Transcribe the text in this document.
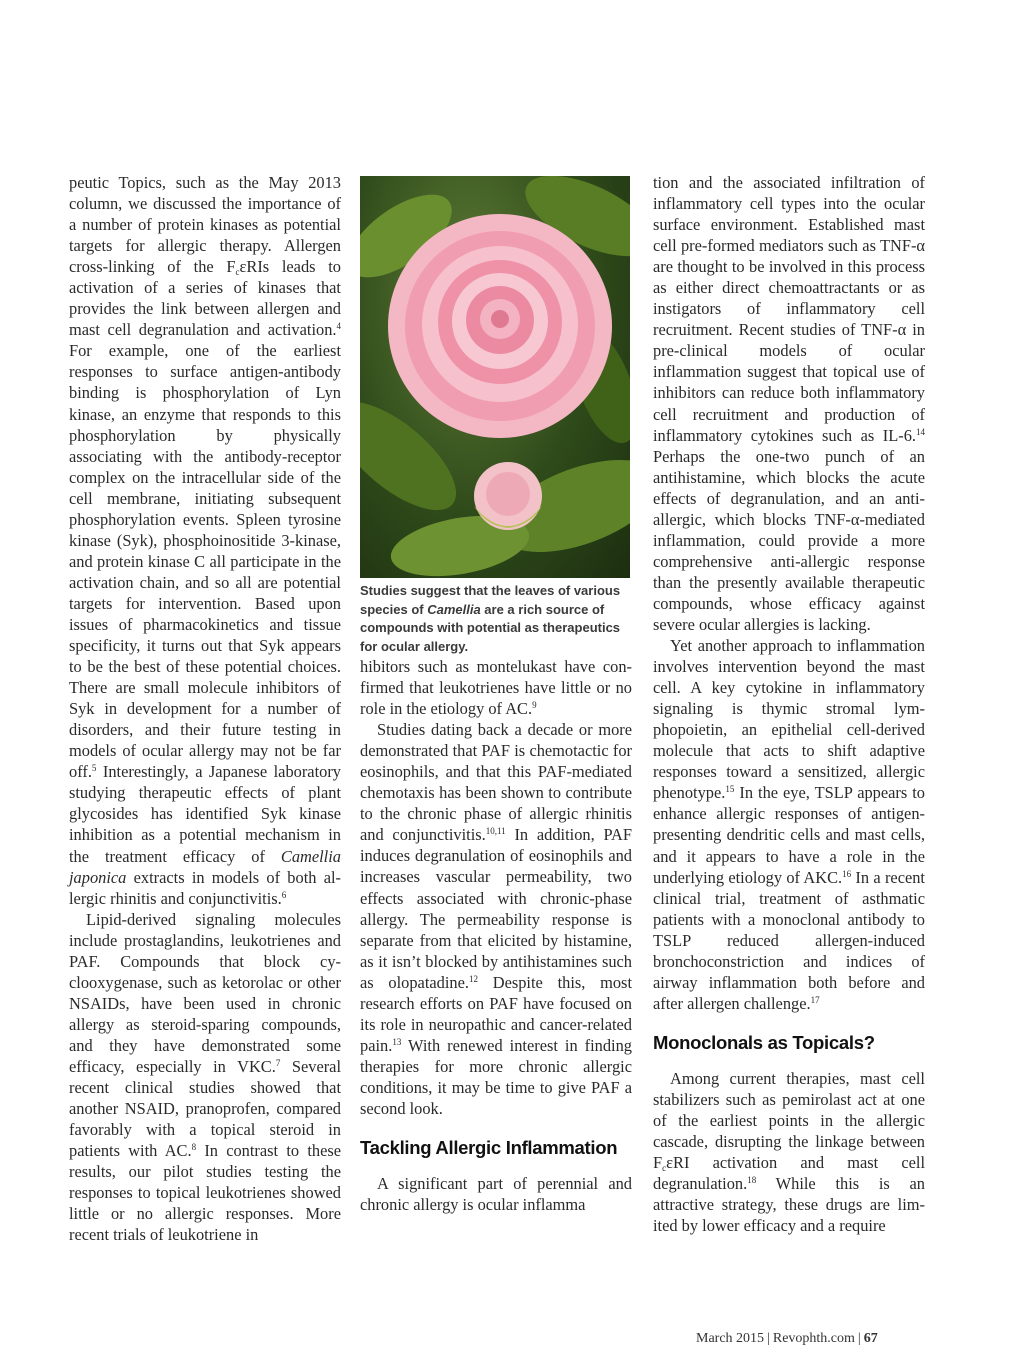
peutic Topics, such as the May 2013 column, we discussed the importance of a number of protein kinases as potential targets for allergic therapy. Allergen cross-linking of the $F_c\varepsilon RIs$ leads to activation of a series of kinases that provides the link between allergen and mast cell degranulation and activation.$^4$ For example, one of the earliest responses to surface antigen-antibody binding is phosphorylation of Lyn kinase, an enzyme that responds to this phosphorylation by physically associating with the antibody-receptor complex on the intracellular side of the cell membrane, initiating subsequent phosphorylation events. Spleen tyrosine kinase (Syk), phosphoinositide 3-kinase, and protein kinase C all participate in the activation chain, and so all are potential targets for intervention. Based upon issues of pharmacokinetics and tissue specificity, it turns out that Syk appears to be the best of these potential choices. There are small molecule inhibitors of Syk in development for a number of disorders, and their future testing in models of ocular allergy may not be far off.$^5$ Interestingly, a Japanese laboratory studying therapeutic effects of plant glycosides has identified Syk kinase inhibition as a potential mechanism in the treatment efficacy of Camellia japonica extracts in models of both allergic rhinitis and conjunctivitis.$^6$

Lipid-derived signaling molecules include prostaglandins, leukotrienes and PAF. Compounds that block cyclooxygenase, such as ketorolac or other NSAIDs, have been used in chronic allergy as steroid-sparing compounds, and they have demonstrated some efficacy, especially in VKC.$^7$ Several recent clinical studies showed that another NSAID, pranoprofen, compared favorably with a topical steroid in patients with AC.$^8$ In contrast to these results, our pilot studies testing the responses to topical leukotrienes showed little or no allergic responses. More recent trials of leukotriene in

Studies suggest that the leaves of various species of Camellia are a rich source of compounds with potential as therapeutics for ocular allergy.

hibitors such as montelukast have confirmed that leukotrienes have little or no role in the etiology of AC.$^9$

Studies dating back a decade or more demonstrated that PAF is chemotactic for eosinophils, and that this PAF-mediated chemotaxis has been shown to contribute to the chronic phase of allergic rhinitis and conjunctivitis.$^{10,11}$ In addition, PAF induces degranulation of eosinophils and increases vascular permeability, two effects associated with chronic-phase allergy. The permeability response is separate from that elicited by histamine, as it isn’t blocked by antihistamines such as olopatadine.$^{12}$ Despite this, most research efforts on PAF have focused on its role in neuropathic and cancer-related pain.$^{13}$ With renewed interest in finding therapies for more chronic allergic conditions, it may be time to give PAF a second look.

Tackling Allergic Inflammation

A significant part of perennial and chronic allergy is ocular inflamma

tion and the associated infiltration of inflammatory cell types into the ocular surface environment. Established mast cell pre-formed mediators such as TNF-α are thought to be involved in this process as either direct chemoattractants or as instigators of inflammatory cell recruitment. Recent studies of TNF-α in pre-clinical models of ocular inflammation suggest that topical use of inhibitors can reduce both inflammatory cell recruitment and production of inflammatory cytokines such as IL-6.14 Perhaps the one-two punch of an antihistamine, which blocks the acute effects of degranulation, and an anti-allergic, which blocks TNF-α-mediated inflammation, could provide a more comprehensive anti-allergic response than the presently available therapeutic compounds, whose efficacy against severe ocular allergies is lacking.

Yet another approach to inflammation involves intervention beyond the mast cell. A key cytokine in inflammatory signaling is thymic stromal lymphopoietin, an epithelial cell-derived molecule that acts to shift adaptive responses toward a sensitized, allergic phenotype.$^{15}$ In the eye, TSLP appears to enhance allergic responses of antigen-presenting dendritic cells and mast cells, and it appears to have a role in the underlying etiology of AKC.$^{16}$ In a recent clinical trial, treatment of asthmatic patients with a monoclonal antibody to TSLP reduced allergen-induced bronchoconstriction and indices of airway inflammation both before and after allergen challenge.$^{17}$

Monoclonals as Topicals?

Among current therapies, mast cell stabilizers such as pemirolast act at one of the earliest points in the allergic cascade, disrupting the linkage between $F_c\varepsilon RI$ activation and mast cell degranulation.$^{18}$ While this is an attractive strategy, these drugs are limited by lower efficacy and a require

March 2015 | Revophth.com | 67
